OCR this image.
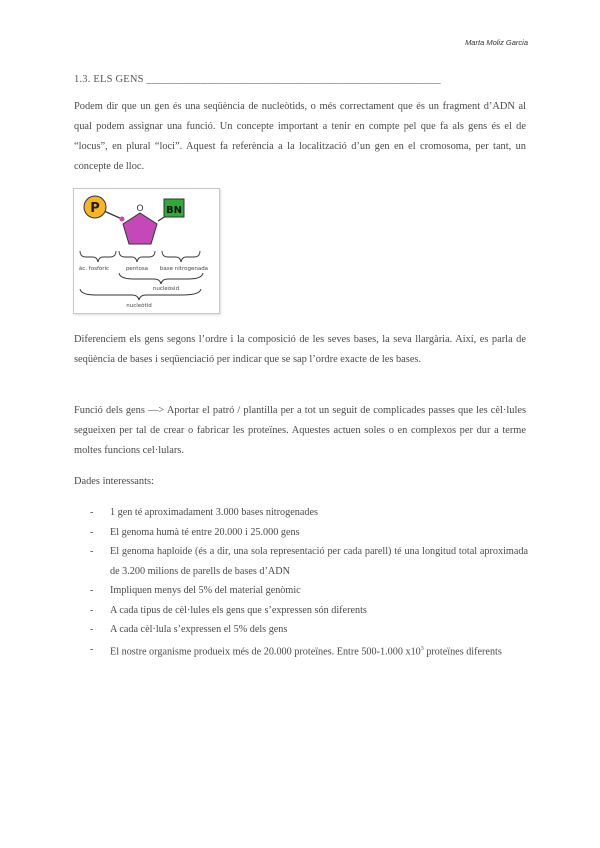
Marta Moliz Garcia
1.3. ELS GENS ______________________________________________________

Podem dir que un gen és una seqüència de nucleòtids, o més correctament que és un fragment d’ADN al qual podem assignar una funció. Un concepte important a tenir en compte pel que fa als gens és el de “locus”, en plural “loci”. Aquest fa referència a la localització d’un gen en el cromosoma, per tant, un concepte de lloc.

P	O BN
àc. fosfòric	pentosa base nitrogenada
nucleòsid
nucleòtid

Diferenciem els gens segons l’ordre i la composició de les seves bases, la seva llargària. Així, es parla de seqüència de bases i seqüenciació per indicar que se sap l’ordre exacte de les bases.

Funció dels gens —> Aportar el patró / plantilla per a tot un seguit de complicades passes que les cèl·lules segueixen per tal de crear o fabricar les proteïnes. Aquestes actuen soles o en complexos per dur a terme moltes funcions cel·lulars.

Dades interessants:

- 1 gen té aproximadament 3.000 bases nitrogenades
- El genoma humà té entre 20.000 i 25.000 gens
- El genoma haploide (és a dir, una sola representació per cada parell) té una longitud total aproximada de 3.200 milions de parells de bases d’ADN
- Impliquen menys del 5% del material genòmic
- A cada tipus de cèl·lules els gens que s’expressen són diferents
- A cada cèl·lula s’expressen el 5% dels gens
- El nostre organisme produeix més de 20.000 proteïnes. Entre 500-1.000 $x10^3$ proteïnes diferents
